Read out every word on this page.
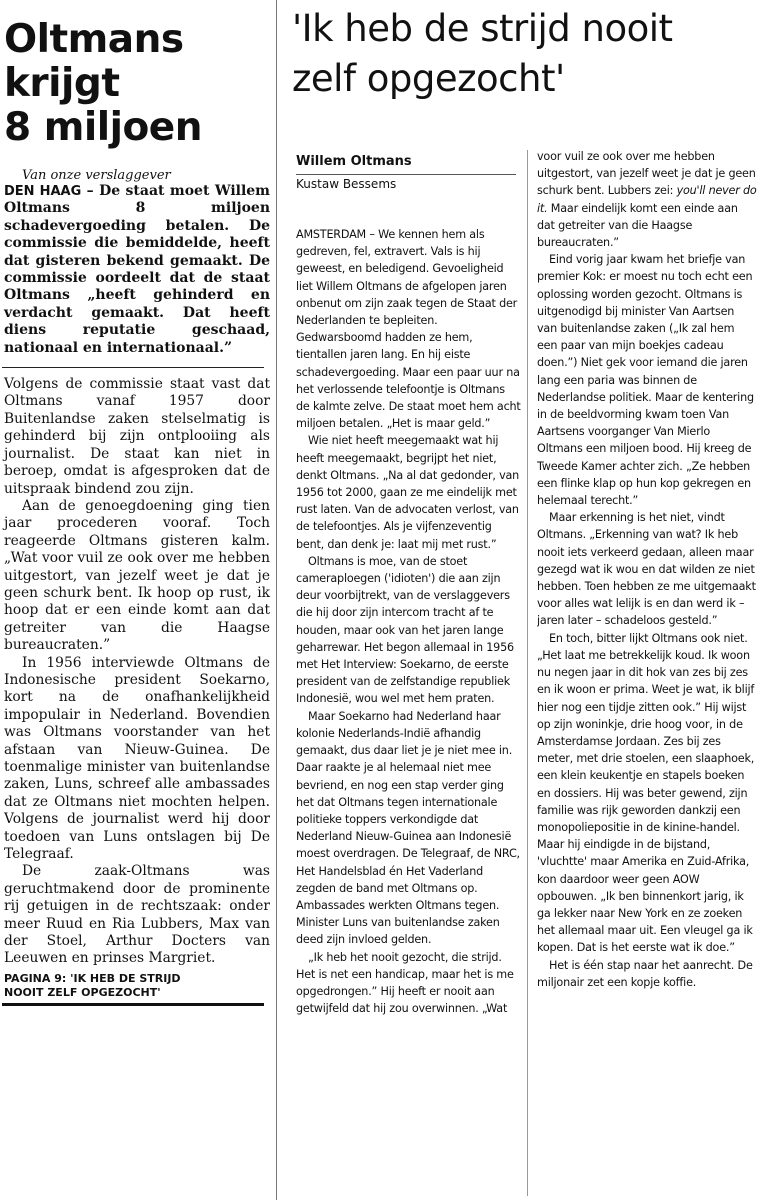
Oltmans
krijgt
8 miljoen
Van onze verslaggever
DEN HAAG – De staat moet Willem Oltmans 8 miljoen schadevergoeding betalen. De commissie die bemiddelde, heeft dat gisteren bekend gemaakt. De commissie oordeelt dat de staat Oltmans „heeft gehinderd en verdacht gemaakt. Dat heeft diens reputatie geschaad, nationaal en internationaal.”

Volgens de commissie staat vast dat Oltmans vanaf 1957 door Buitenlandse zaken stelselmatig is gehinderd bij zijn ontplooiing als journalist. De staat kan niet in beroep, omdat is afgesproken dat de uitspraak bindend zou zijn.

Aan de genoegdoening ging tien jaar procederen vooraf. Toch reageerde Oltmans gisteren kalm. „Wat voor vuil ze ook over me hebben uitgestort, van jezelf weet je dat je geen schurk bent. Ik hoop op rust, ik hoop dat er een einde komt aan dat getreiter van die Haagse bureaucraten.”

In 1956 interviewde Oltmans de Indonesische president Soekarno, kort na de onafhankelijkheid impopulair in Nederland. Bovendien was Oltmans voorstander van het afstaan van Nieuw-Guinea. De toenmalige minister van buitenlandse zaken, Luns, schreef alle ambassades dat ze Oltmans niet mochten helpen. Volgens de journalist werd hij door toedoen van Luns ontslagen bij De Telegraaf.

De zaak-Oltmans was geruchtmakend door de prominente rij getuigen in de rechtszaak: onder meer Ruud en Ria Lubbers, Max van der Stoel, Arthur Docters van Leeuwen en prinses Margriet.

PAGINA 9: 'IK HEB DE STRIJD
NOOIT ZELF OPGEZOCHT'
'Ik heb de strijd nooit
zelf opgezocht'
Willem Oltmans
Kustaw Bessems

AMSTERDAM – We kennen hem als gedreven, fel, extravert. Vals is hij geweest, en beledigend. Gevoeligheid liet Willem Oltmans de afgelopen jaren onbenut om zijn zaak tegen de Staat der Nederlanden te bepleiten. Gedwarsboomd hadden ze hem, tientallen jaren lang. En hij eiste schadevergoeding. Maar een paar uur na het verlossende telefoontje is Oltmans de kalmte zelve. De staat moet hem acht miljoen betalen. „Het is maar geld.”

Wie niet heeft meegemaakt wat hij heeft meegemaakt, begrijpt het niet, denkt Oltmans. „Na al dat gedonder, van 1956 tot 2000, gaan ze me eindelijk met rust laten. Van de advocaten verlost, van de telefoontjes. Als je vijfenzeventig bent, dan denk je: laat mij met rust.”

Oltmans is moe, van de stoet cameraploegen ('idioten') die aan zijn deur voorbijtrekt, van de verslaggevers die hij door zijn intercom tracht af te houden, maar ook van het jaren lange geharrewar. Het begon allemaal in 1956 met Het Interview: Soekarno, de eerste president van de zelfstandige republiek Indonesië, wou wel met hem praten.

Maar Soekarno had Nederland haar kolonie Nederlands-Indië afhandig gemaakt, dus daar liet je je niet mee in. Daar raakte je al helemaal niet mee bevriend, en nog een stap verder ging het dat Oltmans tegen internationale politieke toppers verkondigde dat Nederland Nieuw-Guinea aan Indonesië moest overdragen. De Telegraaf, de NRC, Het Handelsblad én Het Vaderland zegden de band met Oltmans op. Ambassades werkten Oltmans tegen. Minister Luns van buitenlandse zaken deed zijn invloed gelden.

„Ik heb het nooit gezocht, die strijd. Het is net een handicap, maar het is me opgedrongen.” Hij heeft er nooit aan getwijfeld dat hij zou overwinnen. „Wat

voor vuil ze ook over me hebben uitgestort, van jezelf weet je dat je geen schurk bent. Lubbers zei: you'll never do it. Maar eindelijk komt een einde aan dat getreiter van die Haagse bureaucraten.”

Eind vorig jaar kwam het briefje van premier Kok: er moest nu toch echt een oplossing worden gezocht. Oltmans is uitgenodigd bij minister Van Aartsen van buitenlandse zaken („Ik zal hem een paar van mijn boekjes cadeau doen.”) Niet gek voor iemand die jaren lang een paria was binnen de Nederlandse politiek. Maar de kentering in de beeldvorming kwam toen Van Aartsens voorganger Van Mierlo Oltmans een miljoen bood. Hij kreeg de Tweede Kamer achter zich. „Ze hebben een flinke klap op hun kop gekregen en helemaal terecht.”

Maar erkenning is het niet, vindt Oltmans. „Erkenning van wat? Ik heb nooit iets verkeerd gedaan, alleen maar gezegd wat ik wou en dat wilden ze niet hebben. Toen hebben ze me uitgemaakt voor alles wat lelijk is en dan werd ik – jaren later – schadeloos gesteld.”

En toch, bitter lijkt Oltmans ook niet. „Het laat me betrekkelijk koud. Ik woon nu negen jaar in dit hok van zes bij zes en ik woon er prima. Weet je wat, ik blijf hier nog een tijdje zitten ook.” Hij wijst op zijn woninkje, drie hoog voor, in de Amsterdamse Jordaan. Zes bij zes meter, met drie stoelen, een slaaphoek, een klein keukentje en stapels boeken en dossiers. Hij was beter gewend, zijn familie was rijk geworden dankzij een monopoliepositie in de kinine-handel. Maar hij eindigde in de bijstand, 'vluchtte' maar Amerika en Zuid-Afrika, kon daardoor weer geen AOW opbouwen. „Ik ben binnenkort jarig, ik ga lekker naar New York en ze zoeken het allemaal maar uit. Een vleugel ga ik kopen. Dat is het eerste wat ik doe.”

Het is één stap naar het aanrecht. De miljonair zet een kopje koffie.
